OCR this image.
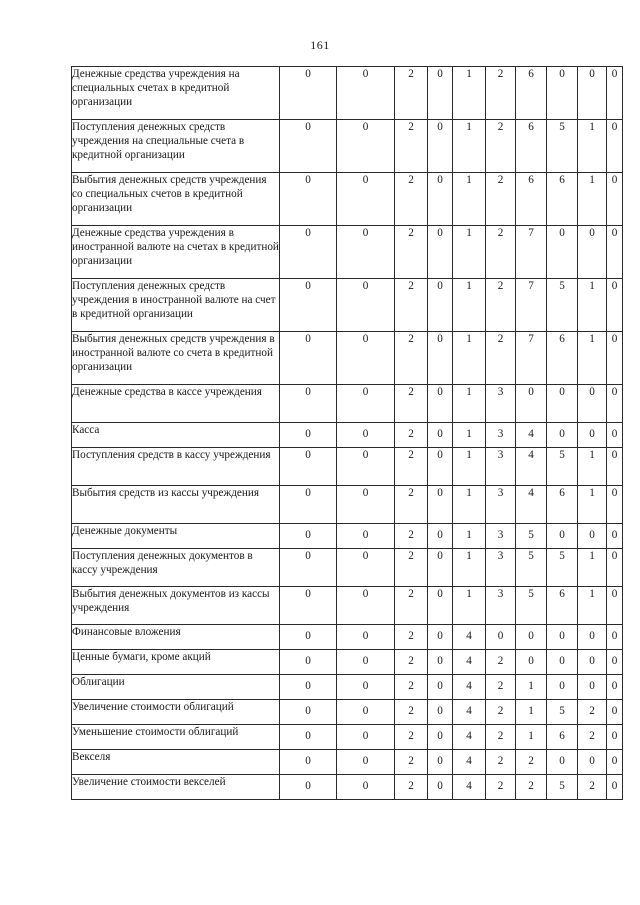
161
Денежные средства учреждения на специальных счетах в кредитной организации	0	0	2	0	1	2	6	0	0	0
Поступления денежных средств учреждения на специальные счета в кредитной организации	0	0	2	0	1	2	6	5	1	0
Выбытия денежных средств учреждения со специальных счетов в кредитной организации	0	0	2	0	1	2	6	6	1	0
Денежные средства учреждения в иностранной валюте на счетах в кредитной организации	0	0	2	0	1	2	7	0	0	0
Поступления денежных средств учреждения в иностранной валюте на счет в кредитной организации	0	0	2	0	1	2	7	5	1	0
Выбытия денежных средств учреждения в иностранной валюте со счета в кредитной организации	0	0	2	0	1	2	7	6	1	0
Денежные средства в кассе учреждения	0	0	2	0	1	3	0	0	0	0
Касса	0	0	2	0	1	3	4	0	0	0
Поступления средств в кассу учреждения	0	0	2	0	1	3	4	5	1	0
Выбытия средств из кассы учреждения	0	0	2	0	1	3	4	6	1	0
Денежные документы	0	0	2	0	1	3	5	0	0	0
Поступления денежных документов в кассу учреждения	0	0	2	0	1	3	5	5	1	0
Выбытия денежных документов из кассы учреждения	0	0	2	0	1	3	5	6	1	0
Финансовые вложения	0	0	2	0	4	0	0	0	0	0
Ценные бумаги, кроме акций	0	0	2	0	4	2	0	0	0	0
Облигации	0	0	2	0	4	2	1	0	0	0
Увеличение стоимости облигаций	0	0	2	0	4	2	1	5	2	0
Уменьшение стоимости облигаций	0	0	2	0	4	2	1	6	2	0
Векселя	0	0	2	0	4	2	2	0	0	0
Увеличение стоимости векселей	0	0	2	0	4	2	2	5	2	0
